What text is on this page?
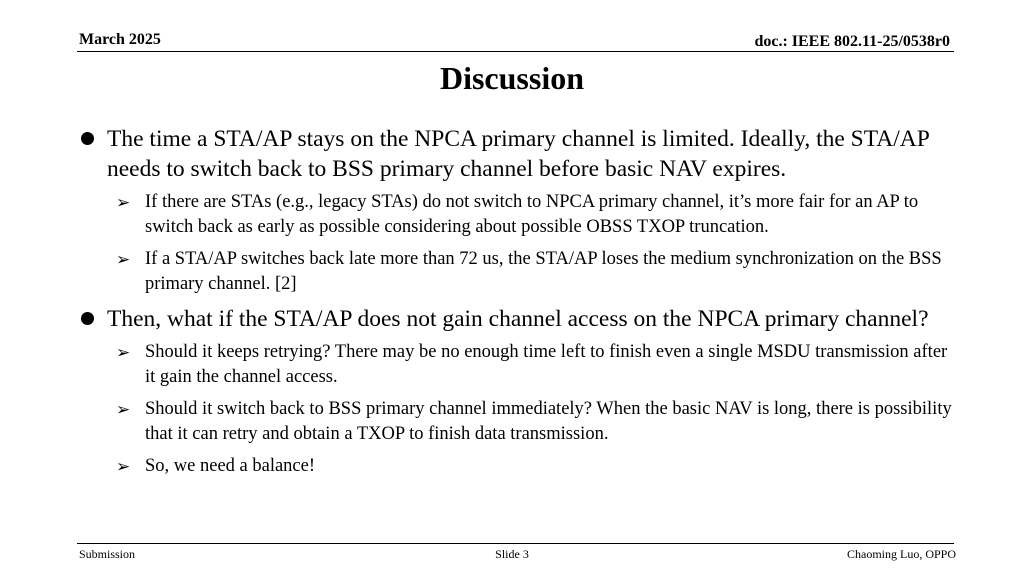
March 2025	doc.: IEEE 802.11-25/0538r0
Discussion
The time a STA/AP stays on the NPCA primary channel is limited. Ideally, the STA/AP needs to switch back to BSS primary channel before basic NAV expires.
➢ If there are STAs (e.g., legacy STAs) do not switch to NPCA primary channel, it’s more fair for an AP to switch back as early as possible considering about possible OBSS TXOP truncation.
➢ If a STA/AP switches back late more than 72 us, the STA/AP loses the medium synchronization on the BSS primary channel. [2]
Then, what if the STA/AP does not gain channel access on the NPCA primary channel?
➢ Should it keeps retrying? There may be no enough time left to finish even a single MSDU transmission after it gain the channel access.
➢ Should it switch back to BSS primary channel immediately? When the basic NAV is long, there is possibility that it can retry and obtain a TXOP to finish data transmission.
➢ So, we need a balance!
Submission	Slide 3	Chaoming Luo, OPPO
